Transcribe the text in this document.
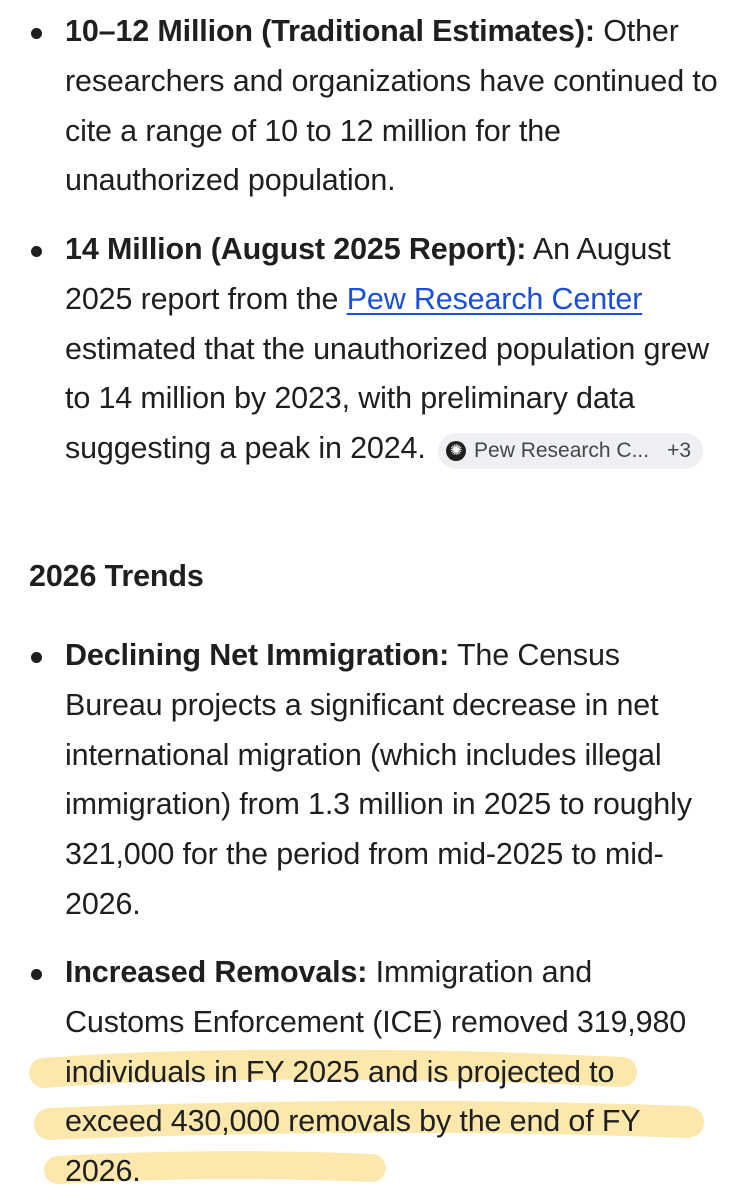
10–12 Million (Traditional Estimates): Other researchers and organizations have continued to cite a range of 10 to 12 million for the unauthorized population.
14 Million (August 2025 Report): An August 2025 report from the Pew Research Center estimated that the unauthorized population grew to 14 million by 2023, with preliminary data suggesting a peak in 2024. ✺ Pew Research C... +3
2026 Trends
Declining Net Immigration: The Census Bureau projects a significant decrease in net international migration (which includes illegal immigration) from 1.3 million in 2025 to roughly 321,000 for the period from mid-2025 to mid-2026.
Increased Removals: Immigration and Customs Enforcement (ICE) removed 319,980 individuals in FY 2025 and is projected to exceed 430,000 removals by the end of FY 2026.
